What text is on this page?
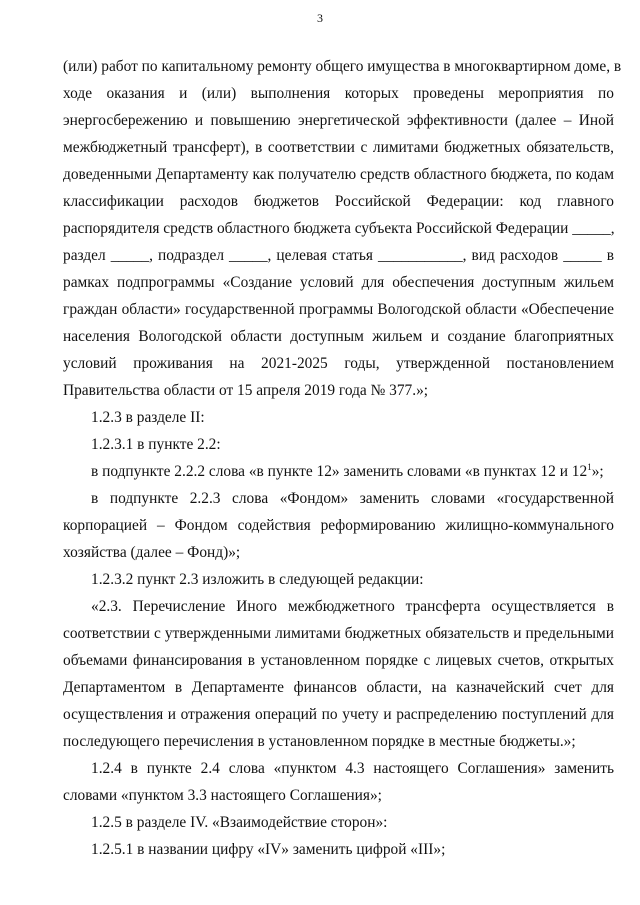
3
(или) работ по капитальному ремонту общего имущества в многоквартирном доме, в
ходе оказания и (или) выполнения которых проведены мероприятия по
энергосбережению и повышению энергетической эффективности (далее – Иной
межбюджетный трансферт), в соответствии с лимитами бюджетных обязательств,
доведенными Департаменту как получателю средств областного бюджета, по кодам
классификации расходов бюджетов Российской Федерации: код главного
распорядителя средств областного бюджета субъекта Российской Федерации _____,
раздел _____, подраздел _____, целевая статья ___________, вид расходов _____ в
рамках подпрограммы «Создание условий для обеспечения доступным жильем
граждан области» государственной программы Вологодской области «Обеспечение
населения Вологодской области доступным жильем и создание благоприятных
условий проживания на 2021-2025 годы, утвержденной постановлением
Правительства области от 15 апреля 2019 года № 377.»;
1.2.3 в разделе II:
1.2.3.1 в пункте 2.2:
в подпункте 2.2.2 слова «в пункте 12» заменить словами «в пунктах 12 и $12^1$»;
в подпункте 2.2.3 слова «Фондом» заменить словами «государственной
корпорацией – Фондом содействия реформированию жилищно-коммунального
хозяйства (далее – Фонд)»;
1.2.3.2 пункт 2.3 изложить в следующей редакции:
«2.3. Перечисление Иного межбюджетного трансферта осуществляется в
соответствии с утвержденными лимитами бюджетных обязательств и предельными
объемами финансирования в установленном порядке с лицевых счетов, открытых
Департаментом в Департаменте финансов области, на казначейский счет для
осуществления и отражения операций по учету и распределению поступлений для
последующего перечисления в установленном порядке в местные бюджеты.»;
1.2.4 в пункте 2.4 слова «пунктом 4.3 настоящего Соглашения» заменить
словами «пунктом 3.3 настоящего Соглашения»;
1.2.5 в разделе IV. «Взаимодействие сторон»:
1.2.5.1 в названии цифру «IV» заменить цифрой «III»;
